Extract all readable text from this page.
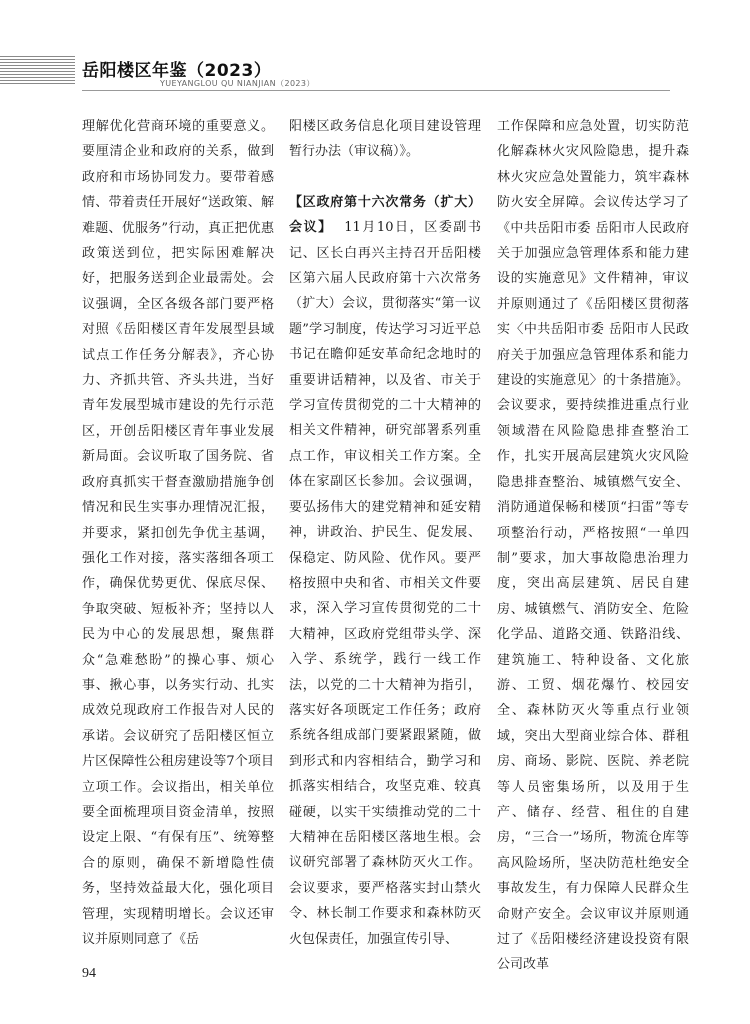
岳阳楼区年鉴（2023）
YUEYANGLOU QU NIANJIAN（2023）

理解优化营商环境的重要意义。要厘清企业和政府的关系，做到政府和市场协同发力。要带着感情、带着责任开展好“送政策、解难题、优服务”行动，真正把优惠政策送到位，把实际困难解决好，把服务送到企业最需处。会议强调，全区各级各部门要严格对照《岳阳楼区青年发展型县域试点工作任务分解表》，齐心协力、齐抓共管、齐头共进，当好青年发展型城市建设的先行示范区，开创岳阳楼区青年事业发展新局面。会议听取了国务院、省政府真抓实干督查激励措施争创情况和民生实事办理情况汇报，并要求，紧扣创先争优主基调，强化工作对接，落实落细各项工作，确保优势更优、保底尽保、争取突破、短板补齐；坚持以人民为中心的发展思想，聚焦群众“急难愁盼”的操心事、烦心事、揪心事，以务实行动、扎实成效兑现政府工作报告对人民的承诺。会议研究了岳阳楼区恒立片区保障性公租房建设等7个项目立项工作。会议指出，相关单位要全面梳理项目资金清单，按照设定上限、“有保有压”、统筹整合的原则，确保不新增隐性债务，坚持效益最大化，强化项目管理，实现精明增长。会议还审议并原则同意了《岳

阳楼区政务信息化项目建设管理暂行办法（审议稿）》。

【区政府第十六次常务（扩大）会议】 11月10日，区委副书记、区长白再兴主持召开岳阳楼区第六届人民政府第十六次常务（扩大）会议，贯彻落实“第一议题”学习制度，传达学习习近平总书记在瞻仰延安革命纪念地时的重要讲话精神，以及省、市关于学习宣传贯彻党的二十大精神的相关文件精神，研究部署系列重点工作，审议相关工作方案。全体在家副区长参加。会议强调，要弘扬伟大的建党精神和延安精神，讲政治、护民生、促发展、保稳定、防风险、优作风。要严格按照中央和省、市相关文件要求，深入学习宣传贯彻党的二十大精神，区政府党组带头学、深入学、系统学，践行一线工作法，以党的二十大精神为指引，落实好各项既定工作任务；政府系统各组成部门要紧跟紧随，做到形式和内容相结合，勤学习和抓落实相结合，攻坚克难、较真碰硬，以实干实绩推动党的二十大精神在岳阳楼区落地生根。会议研究部署了森林防灭火工作。会议要求，要严格落实封山禁火令、林长制工作要求和森林防灭火包保责任，加强宣传引导、

工作保障和应急处置，切实防范化解森林火灾风险隐患，提升森林火灾应急处置能力，筑牢森林防火安全屏障。会议传达学习了《中共岳阳市委 岳阳市人民政府关于加强应急管理体系和能力建设的实施意见》文件精神，审议并原则通过了《岳阳楼区贯彻落实〈中共岳阳市委 岳阳市人民政府关于加强应急管理体系和能力建设的实施意见〉的十条措施》。会议要求，要持续推进重点行业领域潜在风险隐患排查整治工作，扎实开展高层建筑火灾风险隐患排查整治、城镇燃气安全、消防通道保畅和楼顶“扫雷”等专项整治行动，严格按照“一单四制”要求，加大事故隐患治理力度，突出高层建筑、居民自建房、城镇燃气、消防安全、危险化学品、道路交通、铁路沿线、建筑施工、特种设备、文化旅游、工贸、烟花爆竹、校园安全、森林防灭火等重点行业领域，突出大型商业综合体、群租房、商场、影院、医院、养老院等人员密集场所，以及用于生产、储存、经营、租住的自建房，“三合一”场所，物流仓库等高风险场所，坚决防范杜绝安全事故发生，有力保障人民群众生命财产安全。会议审议并原则通过了《岳阳楼经济建设投资有限公司改革

94
